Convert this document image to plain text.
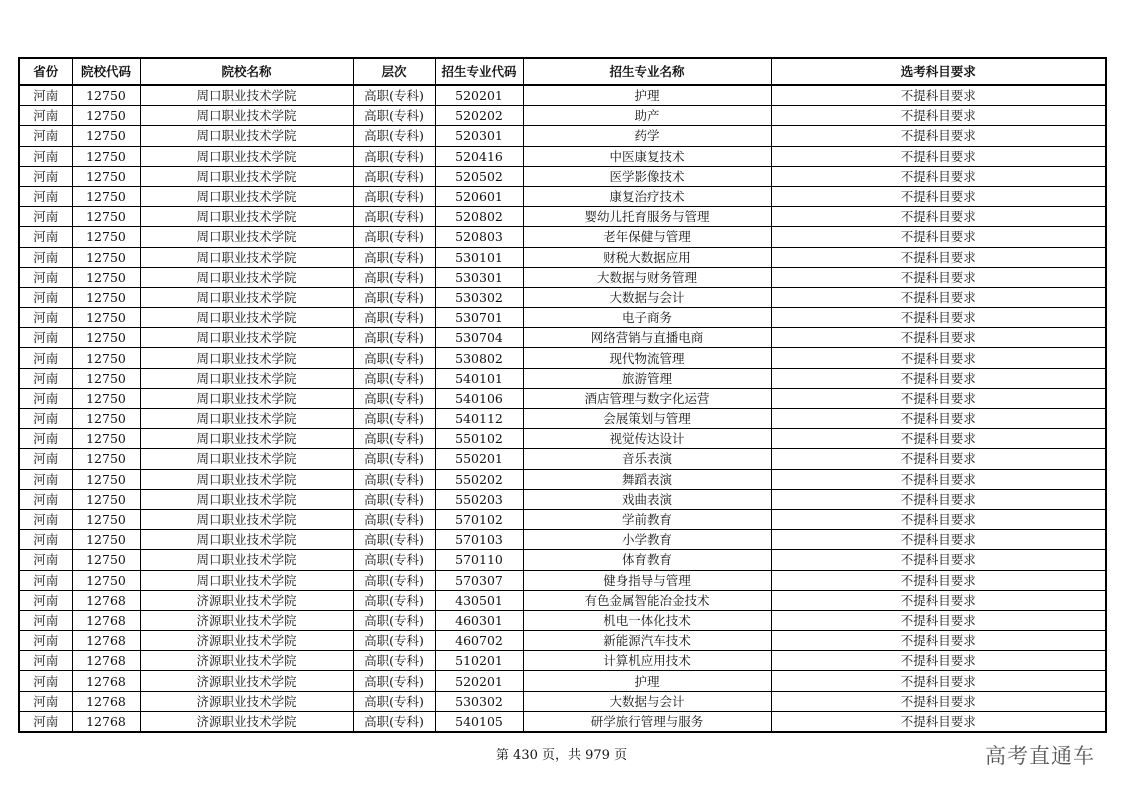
省份	院校代码	院校名称	层次	招生专业代码	招生专业名称	选考科目要求
河南	12750	周口职业技术学院	高职(专科)	520201	护理	不提科目要求
河南	12750	周口职业技术学院	高职(专科)	520202	助产	不提科目要求
河南	12750	周口职业技术学院	高职(专科)	520301	药学	不提科目要求
河南	12750	周口职业技术学院	高职(专科)	520416	中医康复技术	不提科目要求
河南	12750	周口职业技术学院	高职(专科)	520502	医学影像技术	不提科目要求
河南	12750	周口职业技术学院	高职(专科)	520601	康复治疗技术	不提科目要求
河南	12750	周口职业技术学院	高职(专科)	520802	婴幼儿托育服务与管理	不提科目要求
河南	12750	周口职业技术学院	高职(专科)	520803	老年保健与管理	不提科目要求
河南	12750	周口职业技术学院	高职(专科)	530101	财税大数据应用	不提科目要求
河南	12750	周口职业技术学院	高职(专科)	530301	大数据与财务管理	不提科目要求
河南	12750	周口职业技术学院	高职(专科)	530302	大数据与会计	不提科目要求
河南	12750	周口职业技术学院	高职(专科)	530701	电子商务	不提科目要求
河南	12750	周口职业技术学院	高职(专科)	530704	网络营销与直播电商	不提科目要求
河南	12750	周口职业技术学院	高职(专科)	530802	现代物流管理	不提科目要求
河南	12750	周口职业技术学院	高职(专科)	540101	旅游管理	不提科目要求
河南	12750	周口职业技术学院	高职(专科)	540106	酒店管理与数字化运营	不提科目要求
河南	12750	周口职业技术学院	高职(专科)	540112	会展策划与管理	不提科目要求
河南	12750	周口职业技术学院	高职(专科)	550102	视觉传达设计	不提科目要求
河南	12750	周口职业技术学院	高职(专科)	550201	音乐表演	不提科目要求
河南	12750	周口职业技术学院	高职(专科)	550202	舞蹈表演	不提科目要求
河南	12750	周口职业技术学院	高职(专科)	550203	戏曲表演	不提科目要求
河南	12750	周口职业技术学院	高职(专科)	570102	学前教育	不提科目要求
河南	12750	周口职业技术学院	高职(专科)	570103	小学教育	不提科目要求
河南	12750	周口职业技术学院	高职(专科)	570110	体育教育	不提科目要求
河南	12750	周口职业技术学院	高职(专科)	570307	健身指导与管理	不提科目要求
河南	12768	济源职业技术学院	高职(专科)	430501	有色金属智能冶金技术	不提科目要求
河南	12768	济源职业技术学院	高职(专科)	460301	机电一体化技术	不提科目要求
河南	12768	济源职业技术学院	高职(专科)	460702	新能源汽车技术	不提科目要求
河南	12768	济源职业技术学院	高职(专科)	510201	计算机应用技术	不提科目要求
河南	12768	济源职业技术学院	高职(专科)	520201	护理	不提科目要求
河南	12768	济源职业技术学院	高职(专科)	530302	大数据与会计	不提科目要求
河南	12768	济源职业技术学院	高职(专科)	540105	研学旅行管理与服务	不提科目要求
第 430 页，共 979 页	高考直通车
